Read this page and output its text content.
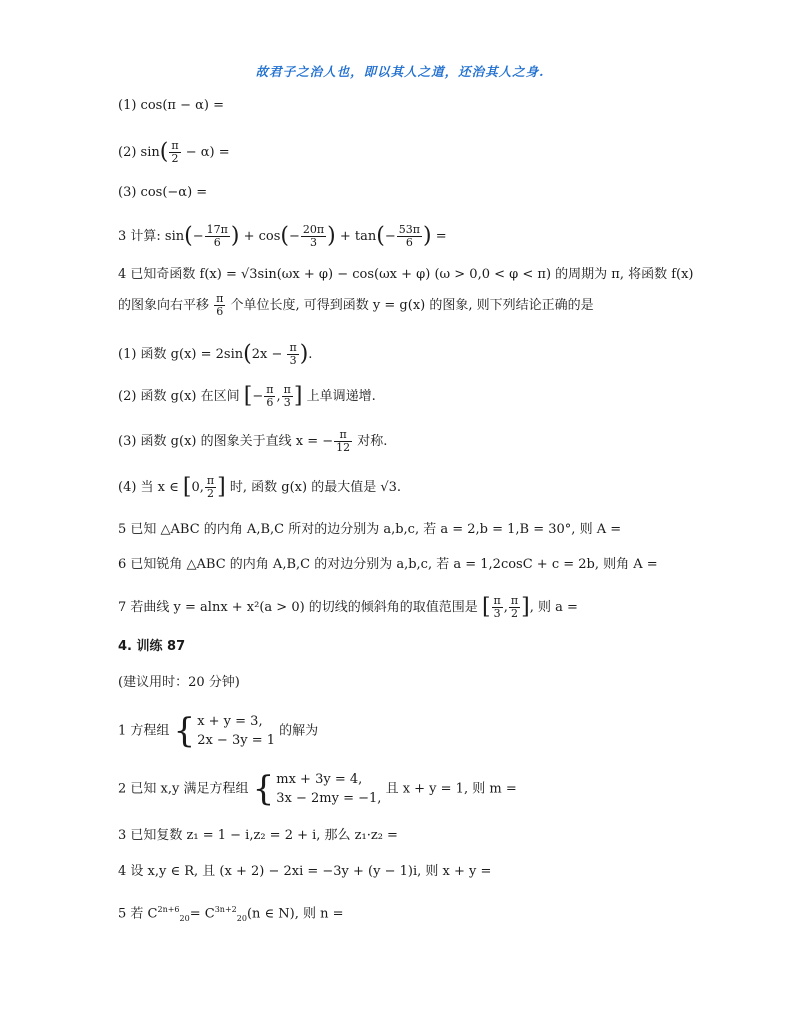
故君子之治人也，即以其人之道，还治其人之身.
(1) cos(π − α) =
(2) $\sin( \frac{\pi}{2} - \alpha)$ =
(3) cos(−α) =
3 计算: $\sin(- \frac{17\pi}{6}$ ) + $\cos(- \frac{20\pi}{3}$ ) + $\tan(- \frac{53\pi}{6}$ ) =
4 已知奇函数 f(x) = √3sin(ωx + φ) − cos(ωx + φ) (ω > 0,0 < φ < π) 的周期为 π, 将函数 f(x)
的图象向右平移 $\frac{\pi}{6}$ 个单位长度, 可得到函数 y = g(x) 的图象, 则下列结论正确的是
(1) 函数 $g(x) = 2\sin(2x - \frac{\pi}{3}$ ).
(2) 函数 g(x) 在区间 [− $\frac{\pi}{6}$ , $\frac{\pi}{3}$ ] 上单调递增.
(3) 函数 g(x) 的图象关于直线 x = − $\frac{\pi}{12}$ 对称.
(4) 当 x ∈ [0, $\frac{\pi}{2}$ ] 时, 函数 g(x) 的最大值是 √3.
5 已知 △ABC 的内角 A,B,C 所对的边分别为 a,b,c, 若 a = 2,b = 1,B = 30°, 则 A =
6 已知锐角 △ABC 的内角 A,B,C 的对边分别为 a,b,c, 若 a = 1,2cosC + c = 2b, 则角 A =
7 若曲线 y = alnx + x²(a > 0) 的切线的倾斜角的取值范围是 [ $\frac{\pi}{3}$ , $\frac{\pi}{2}$ ], 则 a =
4. 训练 87
(建议用时：20 分钟)
1 方程组 { x + y = 3,
2x − 3y = 1
的解为
2 已知 x,y 满足方程组 { mx + 3y = 4,
3x − 2my = −1,
且 x + y = 1, 则 m =
3 已知复数 z₁ = 1 − i,z₂ = 2 + i, 那么 z₁·z₂ =
4 设 x,y ∈ R, 且 (x + 2) − 2xi = −3y + (y − 1)i, 则 x + y =
5 若 $C^{2n+6}_{20}= C^{3n+2}_{20}(n$ ∈ N), 则 n =
